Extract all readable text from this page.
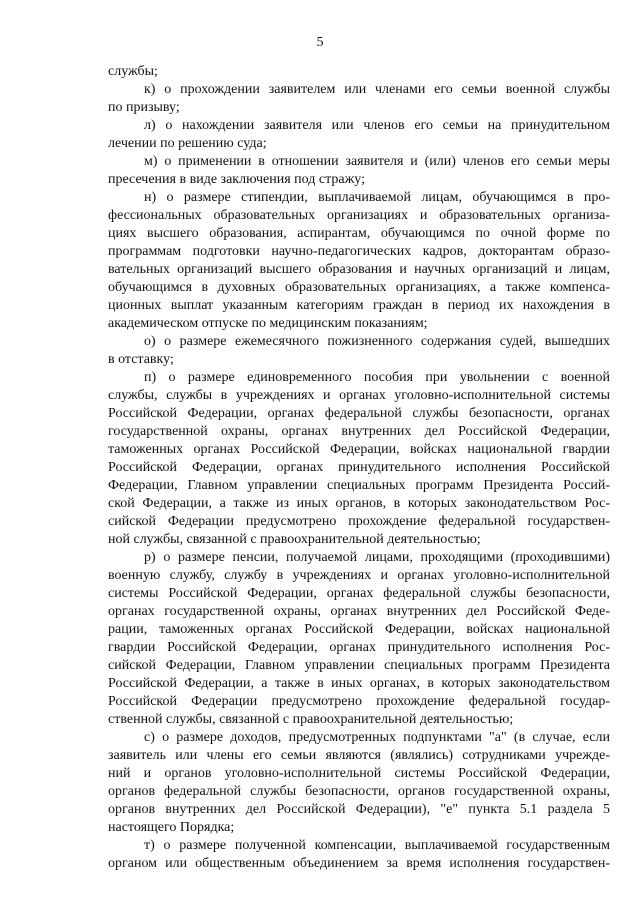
5
службы;
к) о прохождении заявителем или членами его семьи военной службы
по призыву;
л) о нахождении заявителя или членов его семьи на принудительном
лечении по решению суда;
м) о применении в отношении заявителя и (или) членов его семьи меры
пресечения в виде заключения под стражу;
н) о размере стипендии, выплачиваемой лицам, обучающимся в про-
фессиональных образовательных организациях и образовательных организа-
циях высшего образования, аспирантам, обучающимся по очной форме по
программам подготовки научно-педагогических кадров, докторантам образо-
вательных организаций высшего образования и научных организаций и лицам,
обучающимся в духовных образовательных организациях, а также компенса-
ционных выплат указанным категориям граждан в период их нахождения в
академическом отпуске по медицинским показаниям;
о) о размере ежемесячного пожизненного содержания судей, вышедших
в отставку;
п) о размере единовременного пособия при увольнении с военной
службы, службы в учреждениях и органах уголовно-исполнительной системы
Российской Федерации, органах федеральной службы безопасности, органах
государственной охраны, органах внутренних дел Российской Федерации,
таможенных органах Российской Федерации, войсках национальной гвардии
Российской Федерации, органах принудительного исполнения Российской
Федерации, Главном управлении специальных программ Президента Россий-
ской Федерации, а также из иных органов, в которых законодательством Рос-
сийской Федерации предусмотрено прохождение федеральной государствен-
ной службы, связанной с правоохранительной деятельностью;
р) о размере пенсии, получаемой лицами, проходящими (проходившими)
военную службу, службу в учреждениях и органах уголовно-исполнительной
системы Российской Федерации, органах федеральной службы безопасности,
органах государственной охраны, органах внутренних дел Российской Феде-
рации, таможенных органах Российской Федерации, войсках национальной
гвардии Российской Федерации, органах принудительного исполнения Рос-
сийской Федерации, Главном управлении специальных программ Президента
Российской Федерации, а также в иных органах, в которых законодательством
Российской Федерации предусмотрено прохождение федеральной государ-
ственной службы, связанной с правоохранительной деятельностью;
с) о размере доходов, предусмотренных подпунктами "а" (в случае, если
заявитель или члены его семьи являются (являлись) сотрудниками учрежде-
ний и органов уголовно-исполнительной системы Российской Федерации,
органов федеральной службы безопасности, органов государственной охраны,
органов внутренних дел Российской Федерации), "е" пункта 5.1 раздела 5
настоящего Порядка;
т) о размере полученной компенсации, выплачиваемой государственным
органом или общественным объединением за время исполнения государствен-
